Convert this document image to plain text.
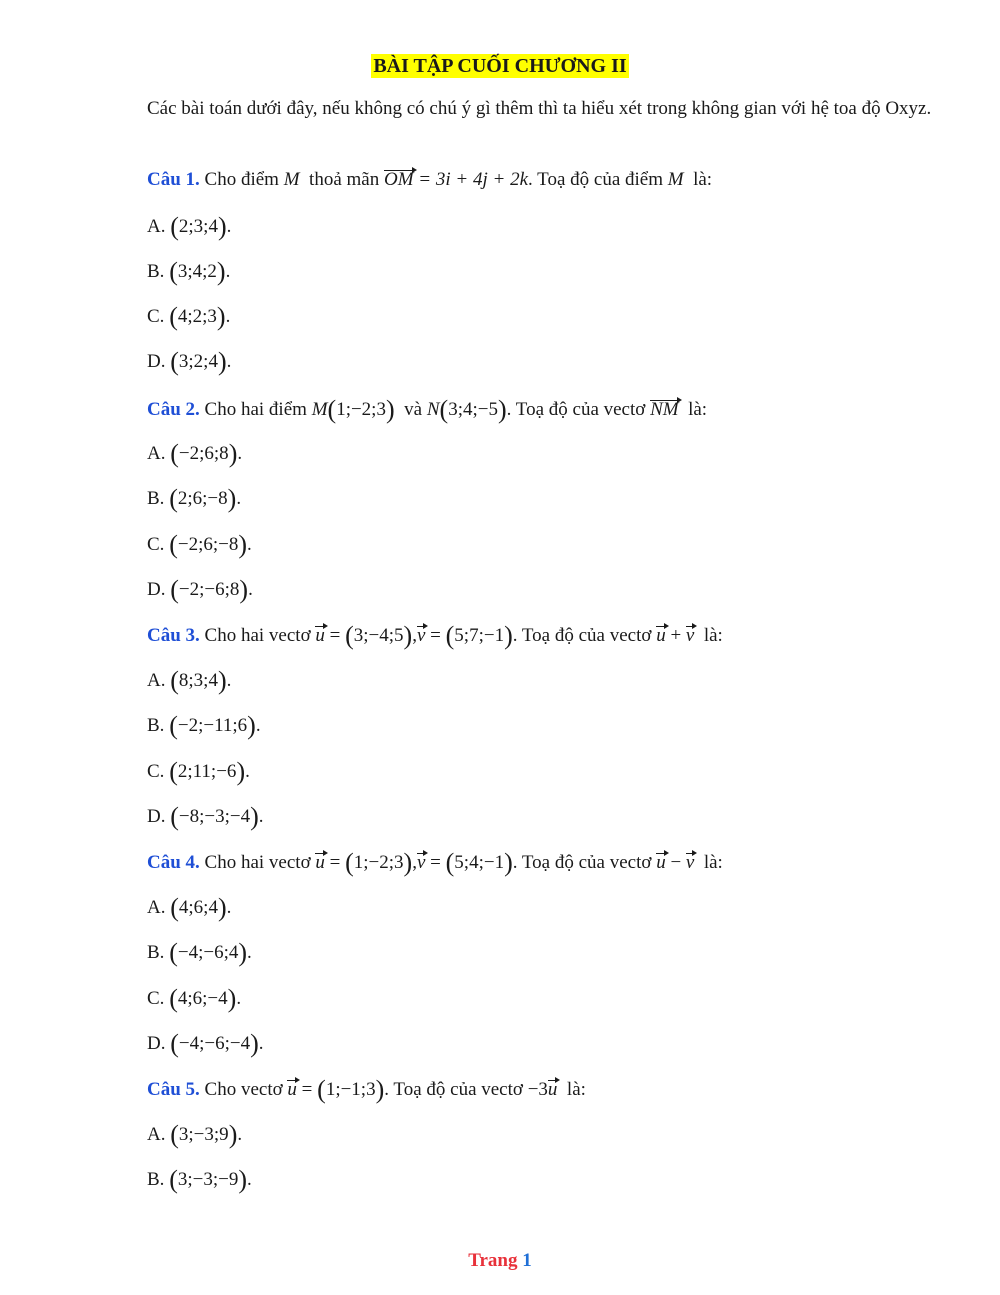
BÀI TẬP CUỐI CHƯƠNG II
Các bài toán dưới đây, nếu không có chú ý gì thêm thì ta hiểu xét trong không gian với hệ toa độ Oxyz.
Câu 1. Cho điểm M thoả mãn OM = 3i + 4j + 2k. Toạ độ của điểm M là:
A. (2;3;4).
B. (3;4;2).
C. (4;2;3).
D. (3;2;4).
Câu 2. Cho hai điểm M(1;−2;3) và N(3;4;−5). Toạ độ của vectơ NM là:
A. (−2;6;8).
B. (2;6;−8).
C. (−2;6;−8).
D. (−2;−6;8).
Câu 3. Cho hai vectơ u = (3;−4;5),v = (5;7;−1). Toạ độ của vectơ u + v là:
A. (8;3;4).
B. (−2;−11;6).
C. (2;11;−6).
D. (−8;−3;−4).
Câu 4. Cho hai vectơ u = (1;−2;3),v = (5;4;−1). Toạ độ của vectơ u − v là:
A. (4;6;4).
B. (−4;−6;4).
C. (4;6;−4).
D. (−4;−6;−4).
Câu 5. Cho vectơ u = (1;−1;3). Toạ độ của vectơ −3u là:
A. (3;−3;9).
B. (3;−3;−9).
Trang 1
